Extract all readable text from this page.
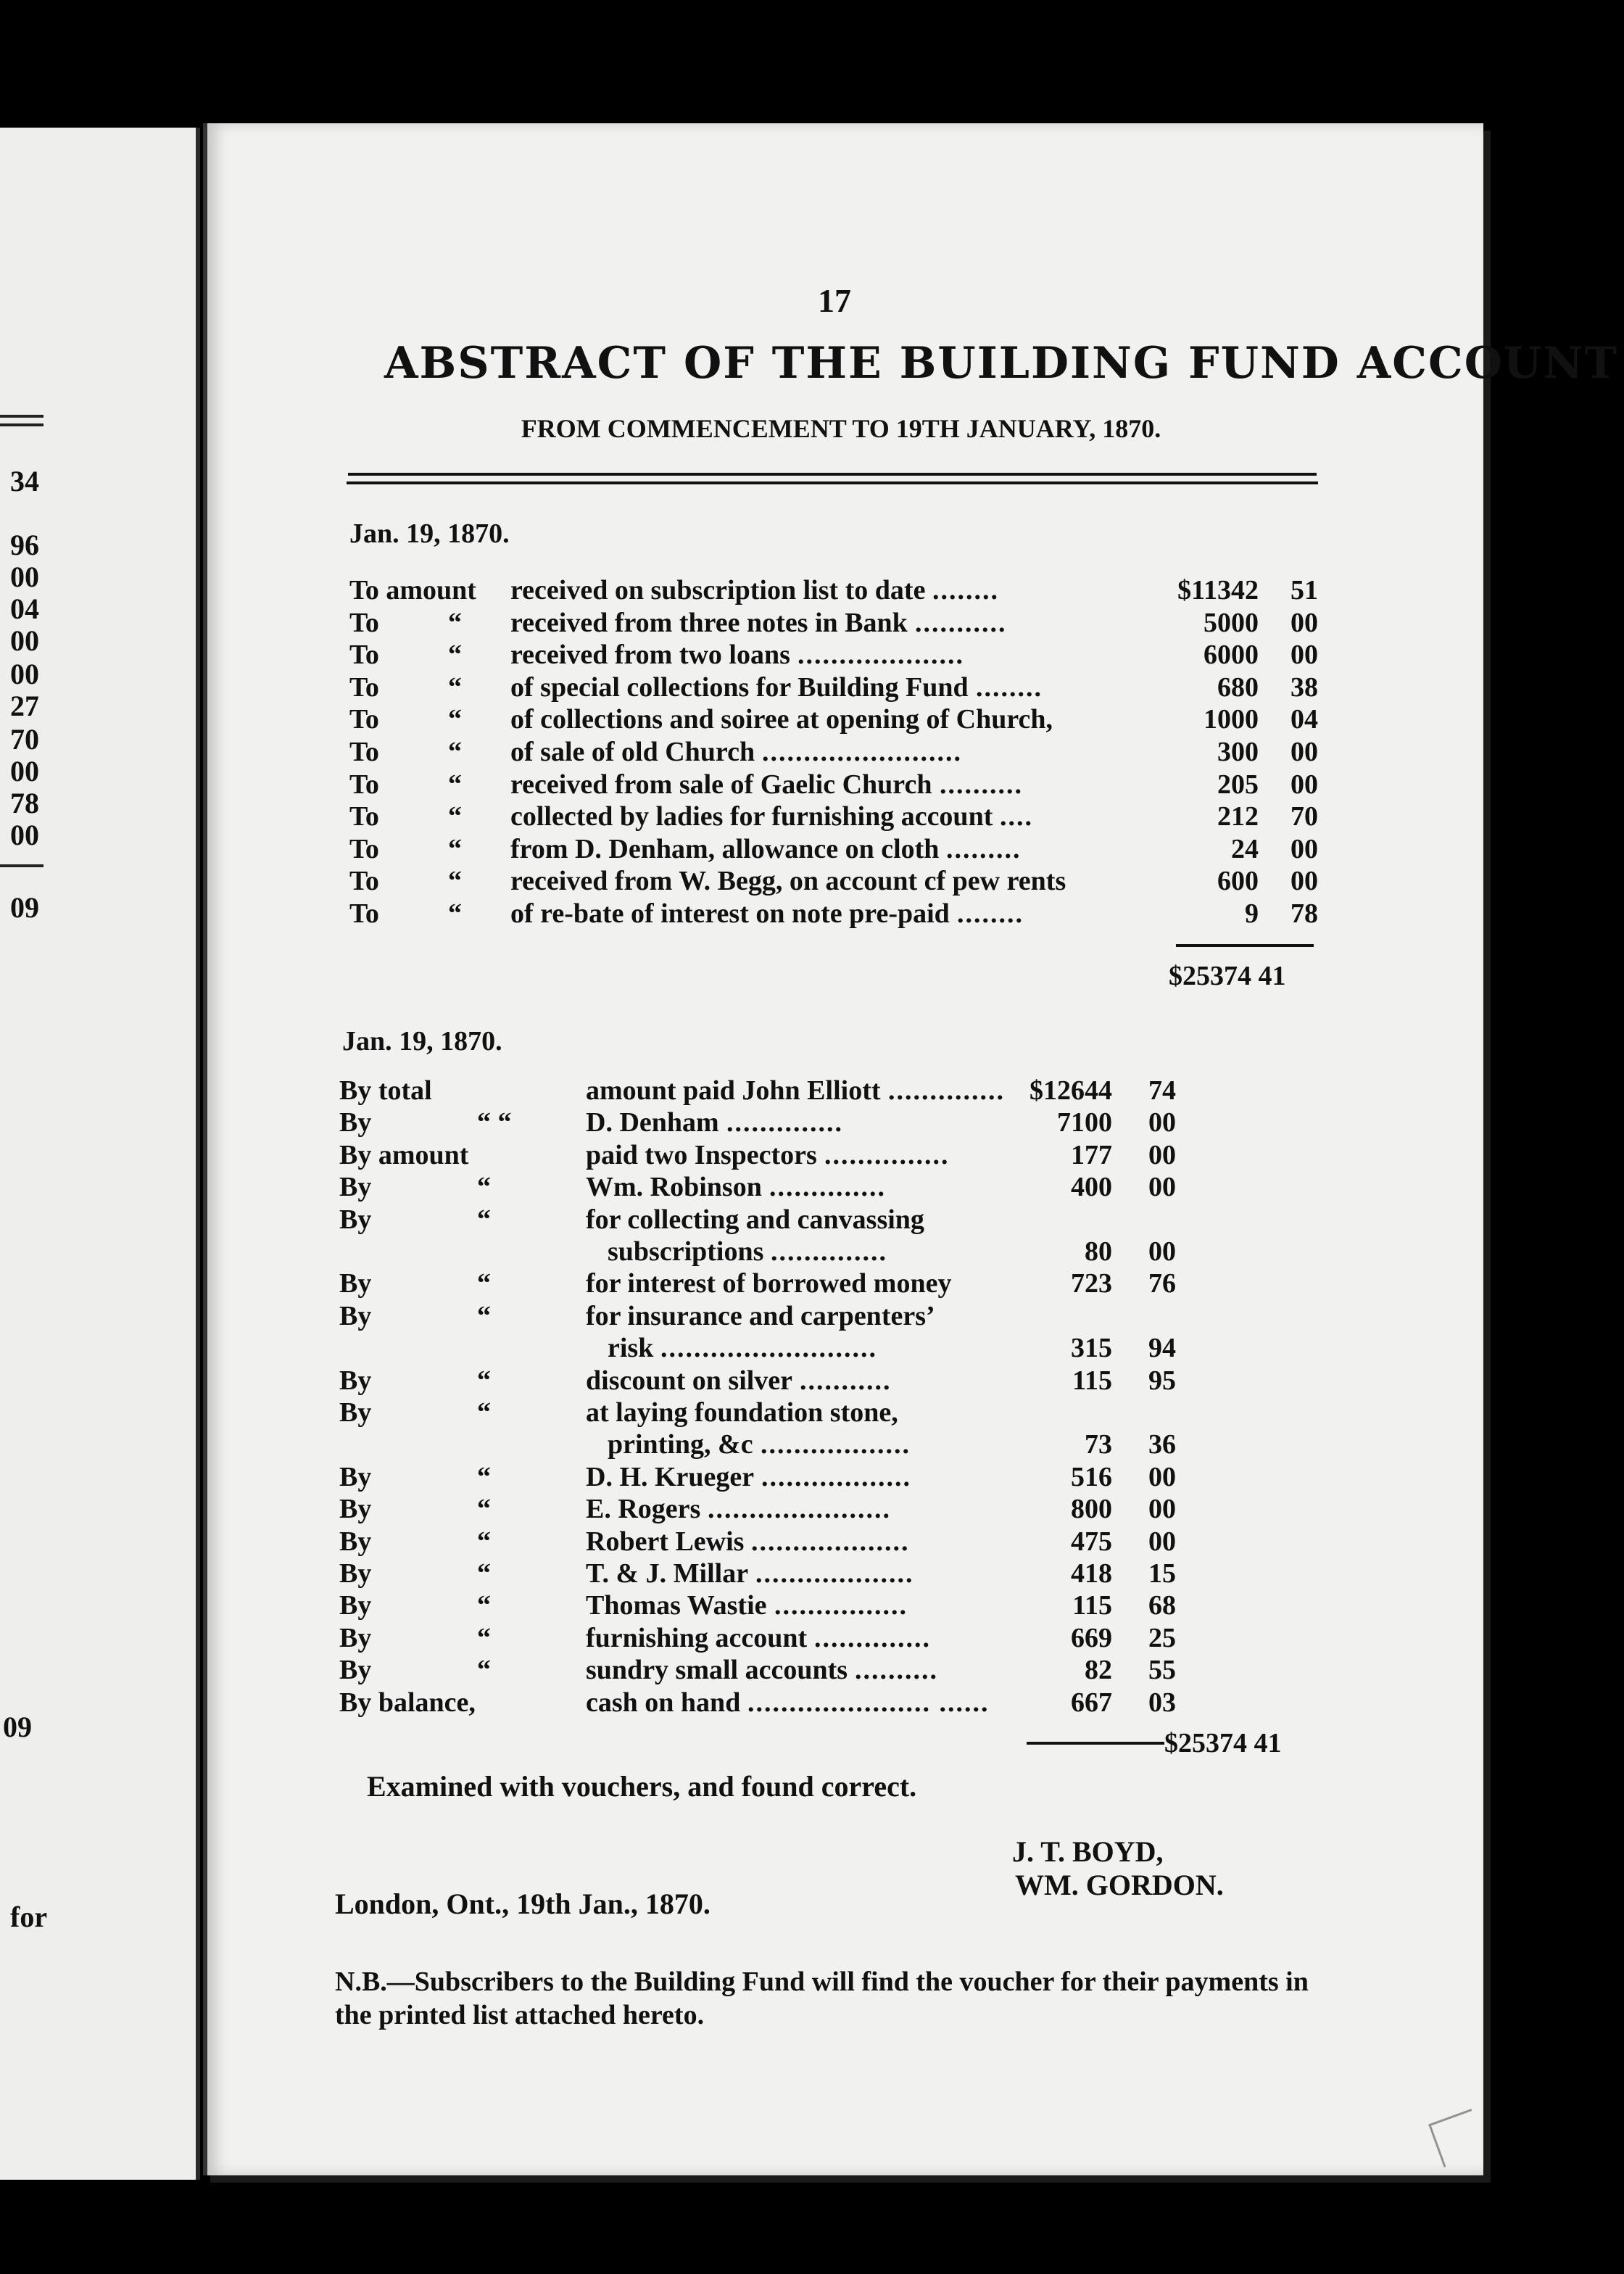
34
96
00
04
00
00
27
70
00
78
00
09
09
for
17
ABSTRACT OF THE BUILDING FUND ACCOUNT
FROM COMMENCEMENT TO 19TH JANUARY, 1870.
Jan. 19, 1870.
To amount received on subscription list to date ........	$11342 51
To	“ received from three notes in Bank ...........	5000 00
To	“ received from two loans ....................	6000 00
To	“ of special collections for Building Fund ........	680 38
To	“ of collections and soiree at opening of Church,	1000 04
To	“ of sale of old Church ........................	300 00
To	“ received from sale of Gaelic Church ..........	205 00
To	“ collected by ladies for furnishing account ....	212 70
To	“ from D. Denham, allowance on cloth .........	24 00
To	“ received from W. Begg, on account cf pew rents	600 00
To	“ of re-bate of interest on note pre-paid ........	9 78
$25374 41
Jan. 19, 1870.
By total	amount paid John Elliott .............. $12644 74
By	“ “	D. Denham ..............	7100 00
By amount	paid two Inspectors ...............	177 00
By	“	Wm. Robinson ..............	400 00
By	“	for collecting and canvassing
subscriptions ..............	80 00
By	“	for interest of borrowed money	723 76
By	“	for insurance and carpenters’
risk ..........................	315 94
By	“	discount on silver ...........	115 95
By	“	at laying foundation stone,
printing, &c ..................	73 36
By	“	D. H. Krueger ..................	516 00
By	“	E. Rogers ......................	800 00
By	“	Robert Lewis ...................	475 00
By	“	T. & J. Millar ...................	418 15
By	“	Thomas Wastie ................	115 68
By	“	furnishing account ..............	669 25
By	“	sundry small accounts ..........	82 55
By balance,	cash on hand ...................... ......	667 03
$25374 41
Examined with vouchers, and found correct.
J. T. BOYD,
WM. GORDON.
London, Ont., 19th Jan., 1870.
N.B.—Subscribers to the Building Fund will find the voucher for their payments in the printed list attached hereto.
